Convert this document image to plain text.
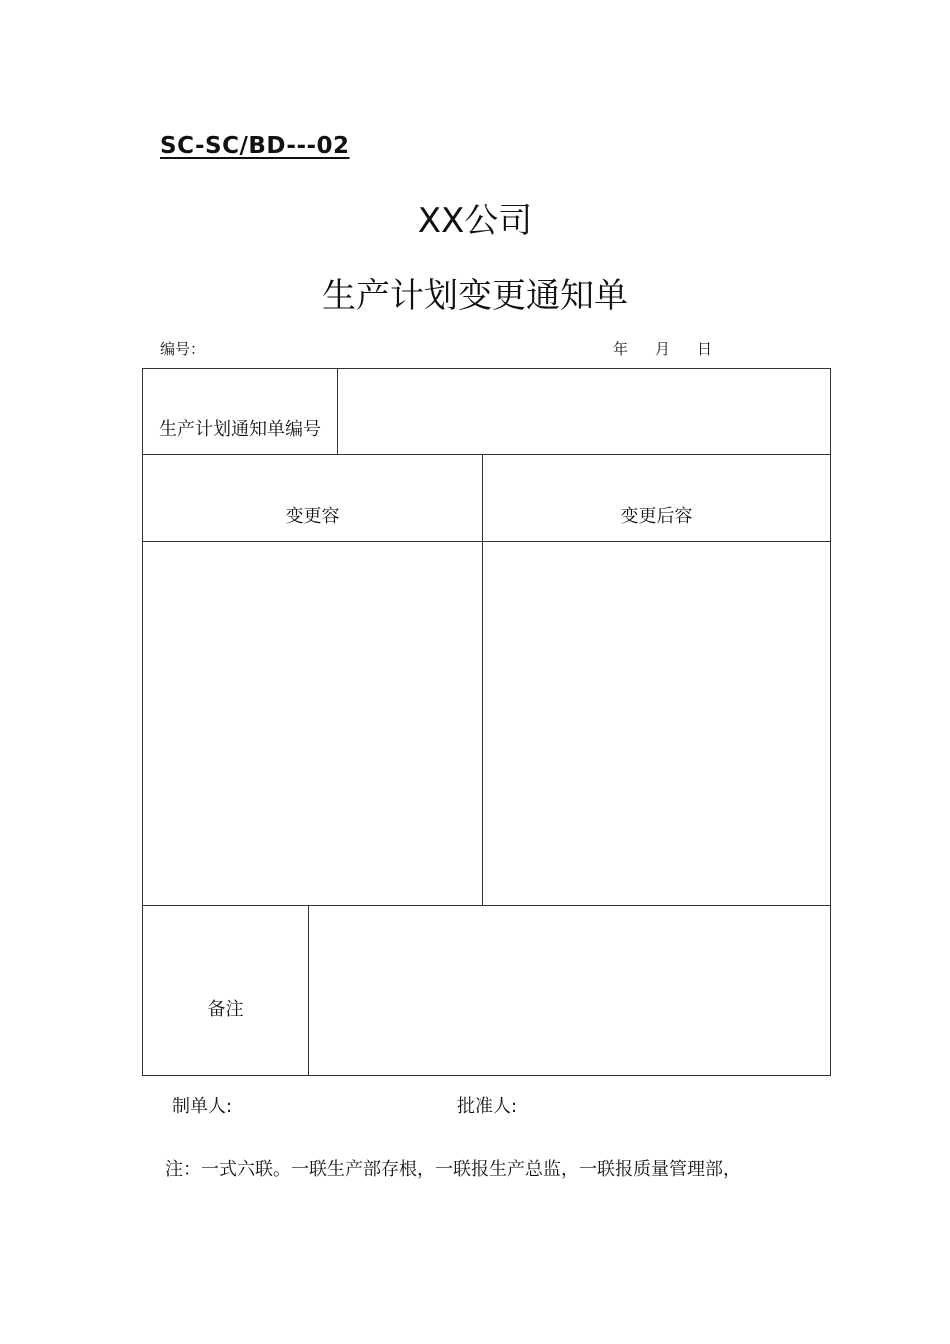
SC-SC/BD---02
XX公司
生产计划变更通知单
编号：	年 月 日
生产计划通知单编号
变更容	变更后容
备注
制单人:	批准人:
注：一式六联。一联生产部存根，一联报生产总监，一联报质量管理部，
